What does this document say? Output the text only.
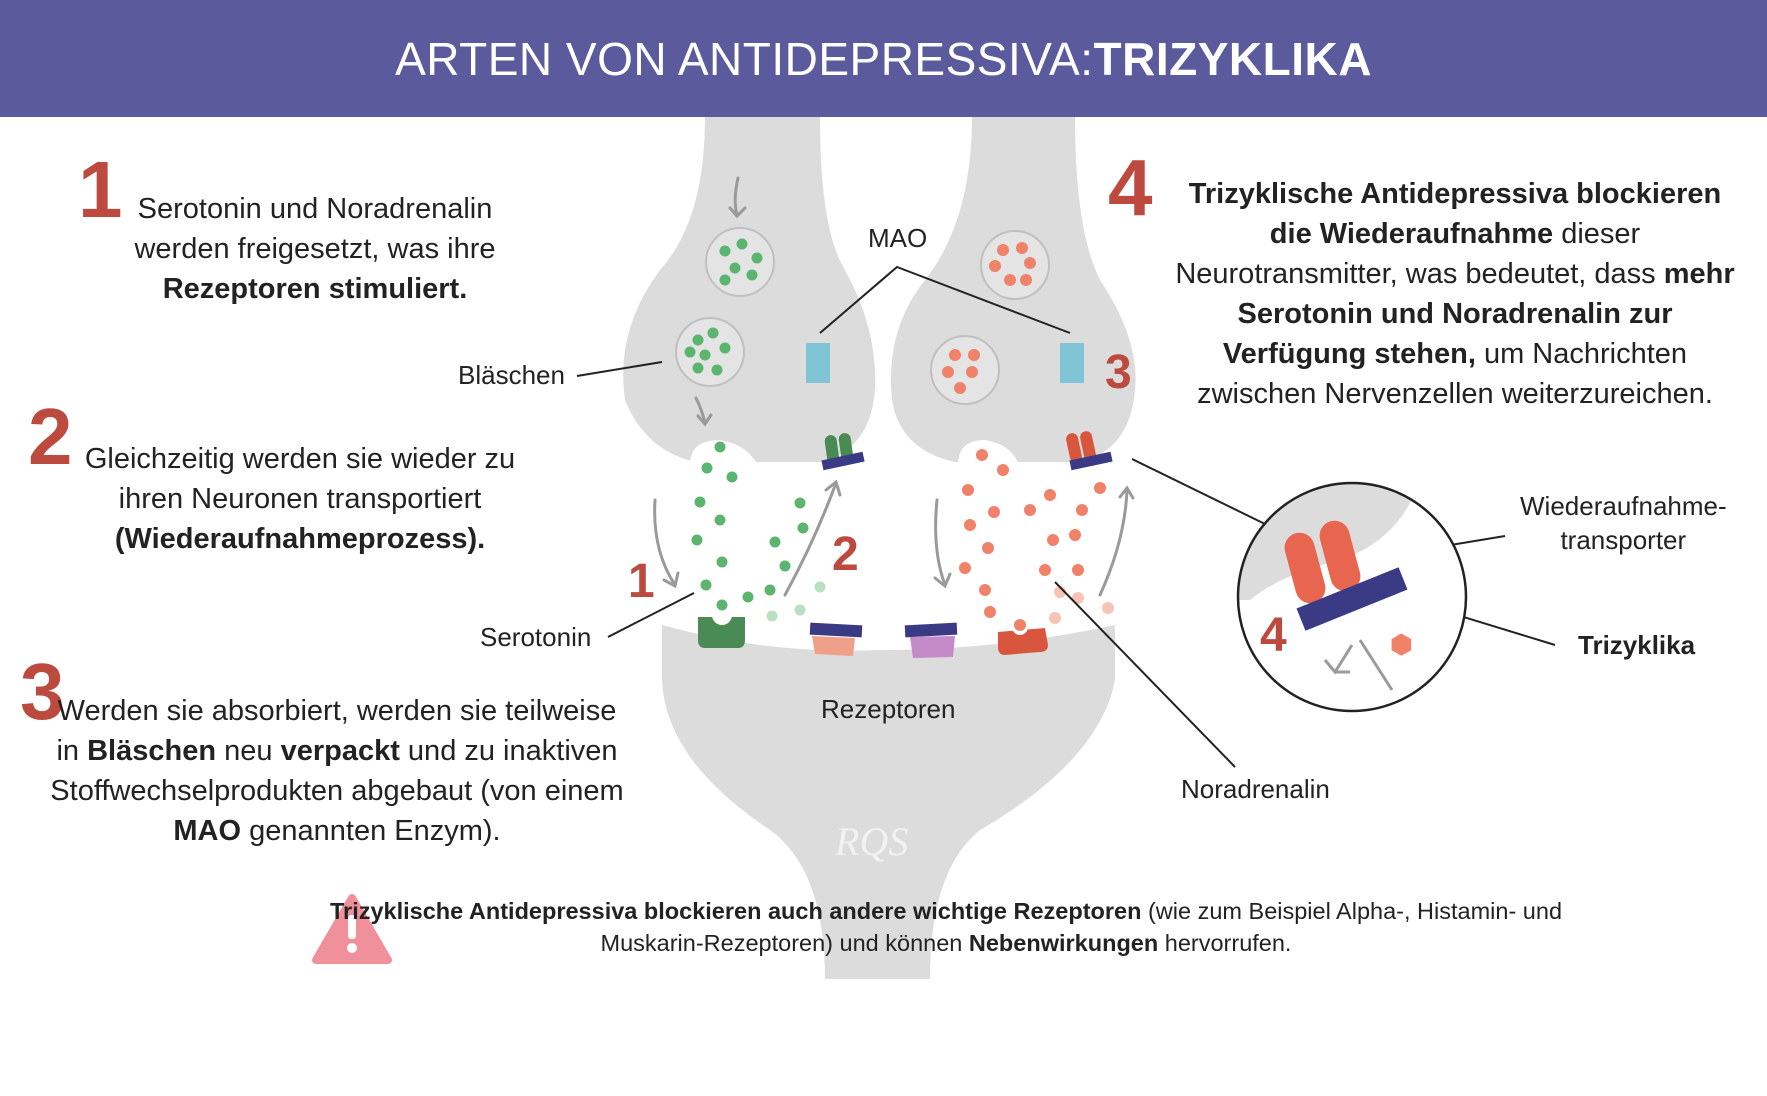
ARTEN VON ANTIDEPRESSIVA: TRIZYKLIKA
1 Serotonin und Noradrenalin werden freigesetzt, was ihre Rezeptoren stimuliert.
2 Gleichzeitig werden sie wieder zu ihren Neuronen transportiert (Wiederaufnahmeprozess).
3
Werden sie absorbiert, werden sie teilweise in Bläschen neu verpackt und zu inaktiven Stoffwechselprodukten abgebaut (von einem MAO genannten Enzym).
4	Trizyklische Antidepressiva blockieren die Wiederaufnahme dieser Neurotransmitter, was bedeutet, dass mehr Serotonin und Noradrenalin zur Verfügung stehen, um Nachrichten zwischen Nervenzellen weiterzureichen.
MAO
Bläschen
Serotonin
Rezeptoren
Noradrenalin
Wiederaufnahme-
transporter
Trizyklika
1
2
3
4
RQS
Trizyklische Antidepressiva blockieren auch andere wichtige Rezeptoren (wie zum Beispiel Alpha-, Histamin- und Muskarin-Rezeptoren) und können Nebenwirkungen hervorrufen.
